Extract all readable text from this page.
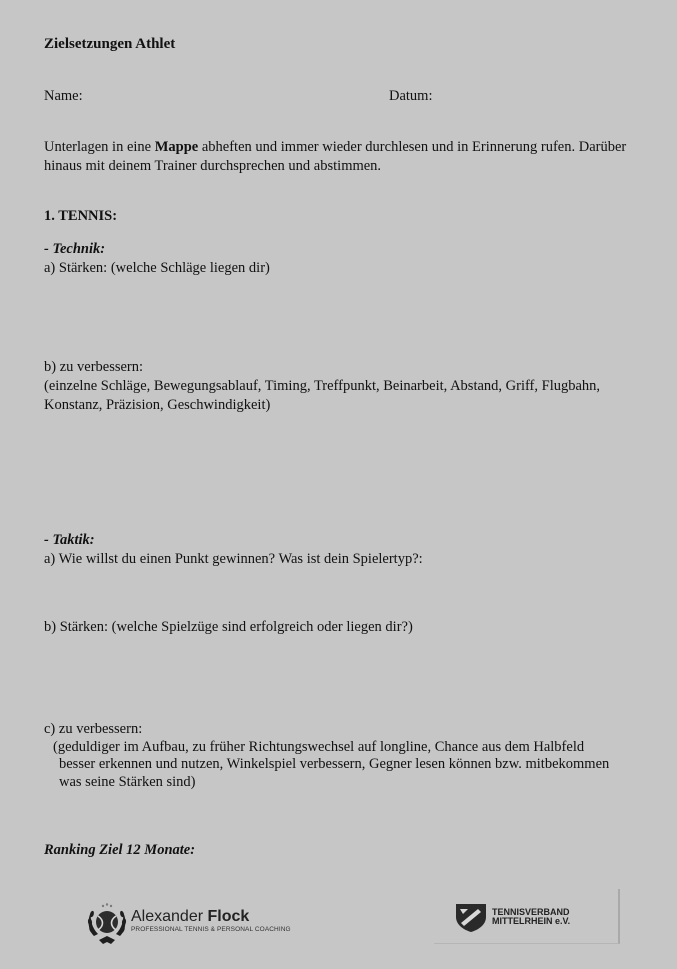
Zielsetzungen Athlet
Name:	Datum:
Unterlagen in eine Mappe abheften und immer wieder durchlesen und in Erinnerung rufen. Darüber hinaus mit deinem Trainer durchsprechen und abstimmen.
1. TENNIS:
- Technik:
a) Stärken: (welche Schläge liegen dir)
b) zu verbessern:
(einzelne Schläge, Bewegungsablauf, Timing, Treffpunkt, Beinarbeit, Abstand, Griff, Flugbahn, Konstanz, Präzision, Geschwindigkeit)
- Taktik:
a) Wie willst du einen Punkt gewinnen? Was ist dein Spielertyp?:
b) Stärken: (welche Spielzüge sind erfolgreich oder liegen dir?)
c) zu verbessern:
(geduldiger im Aufbau, zu früher Richtungswechsel auf longline, Chance aus dem Halbfeld
besser erkennen und nutzen, Winkelspiel verbessern, Gegner lesen können bzw. mitbekommen
was seine Stärken sind)
Ranking Ziel 12 Monate:
Alexander Flock
PROFESSIONAL TENNIS & PERSONAL COACHING
TENNISVERBAND
MITTELRHEIN e.V.
